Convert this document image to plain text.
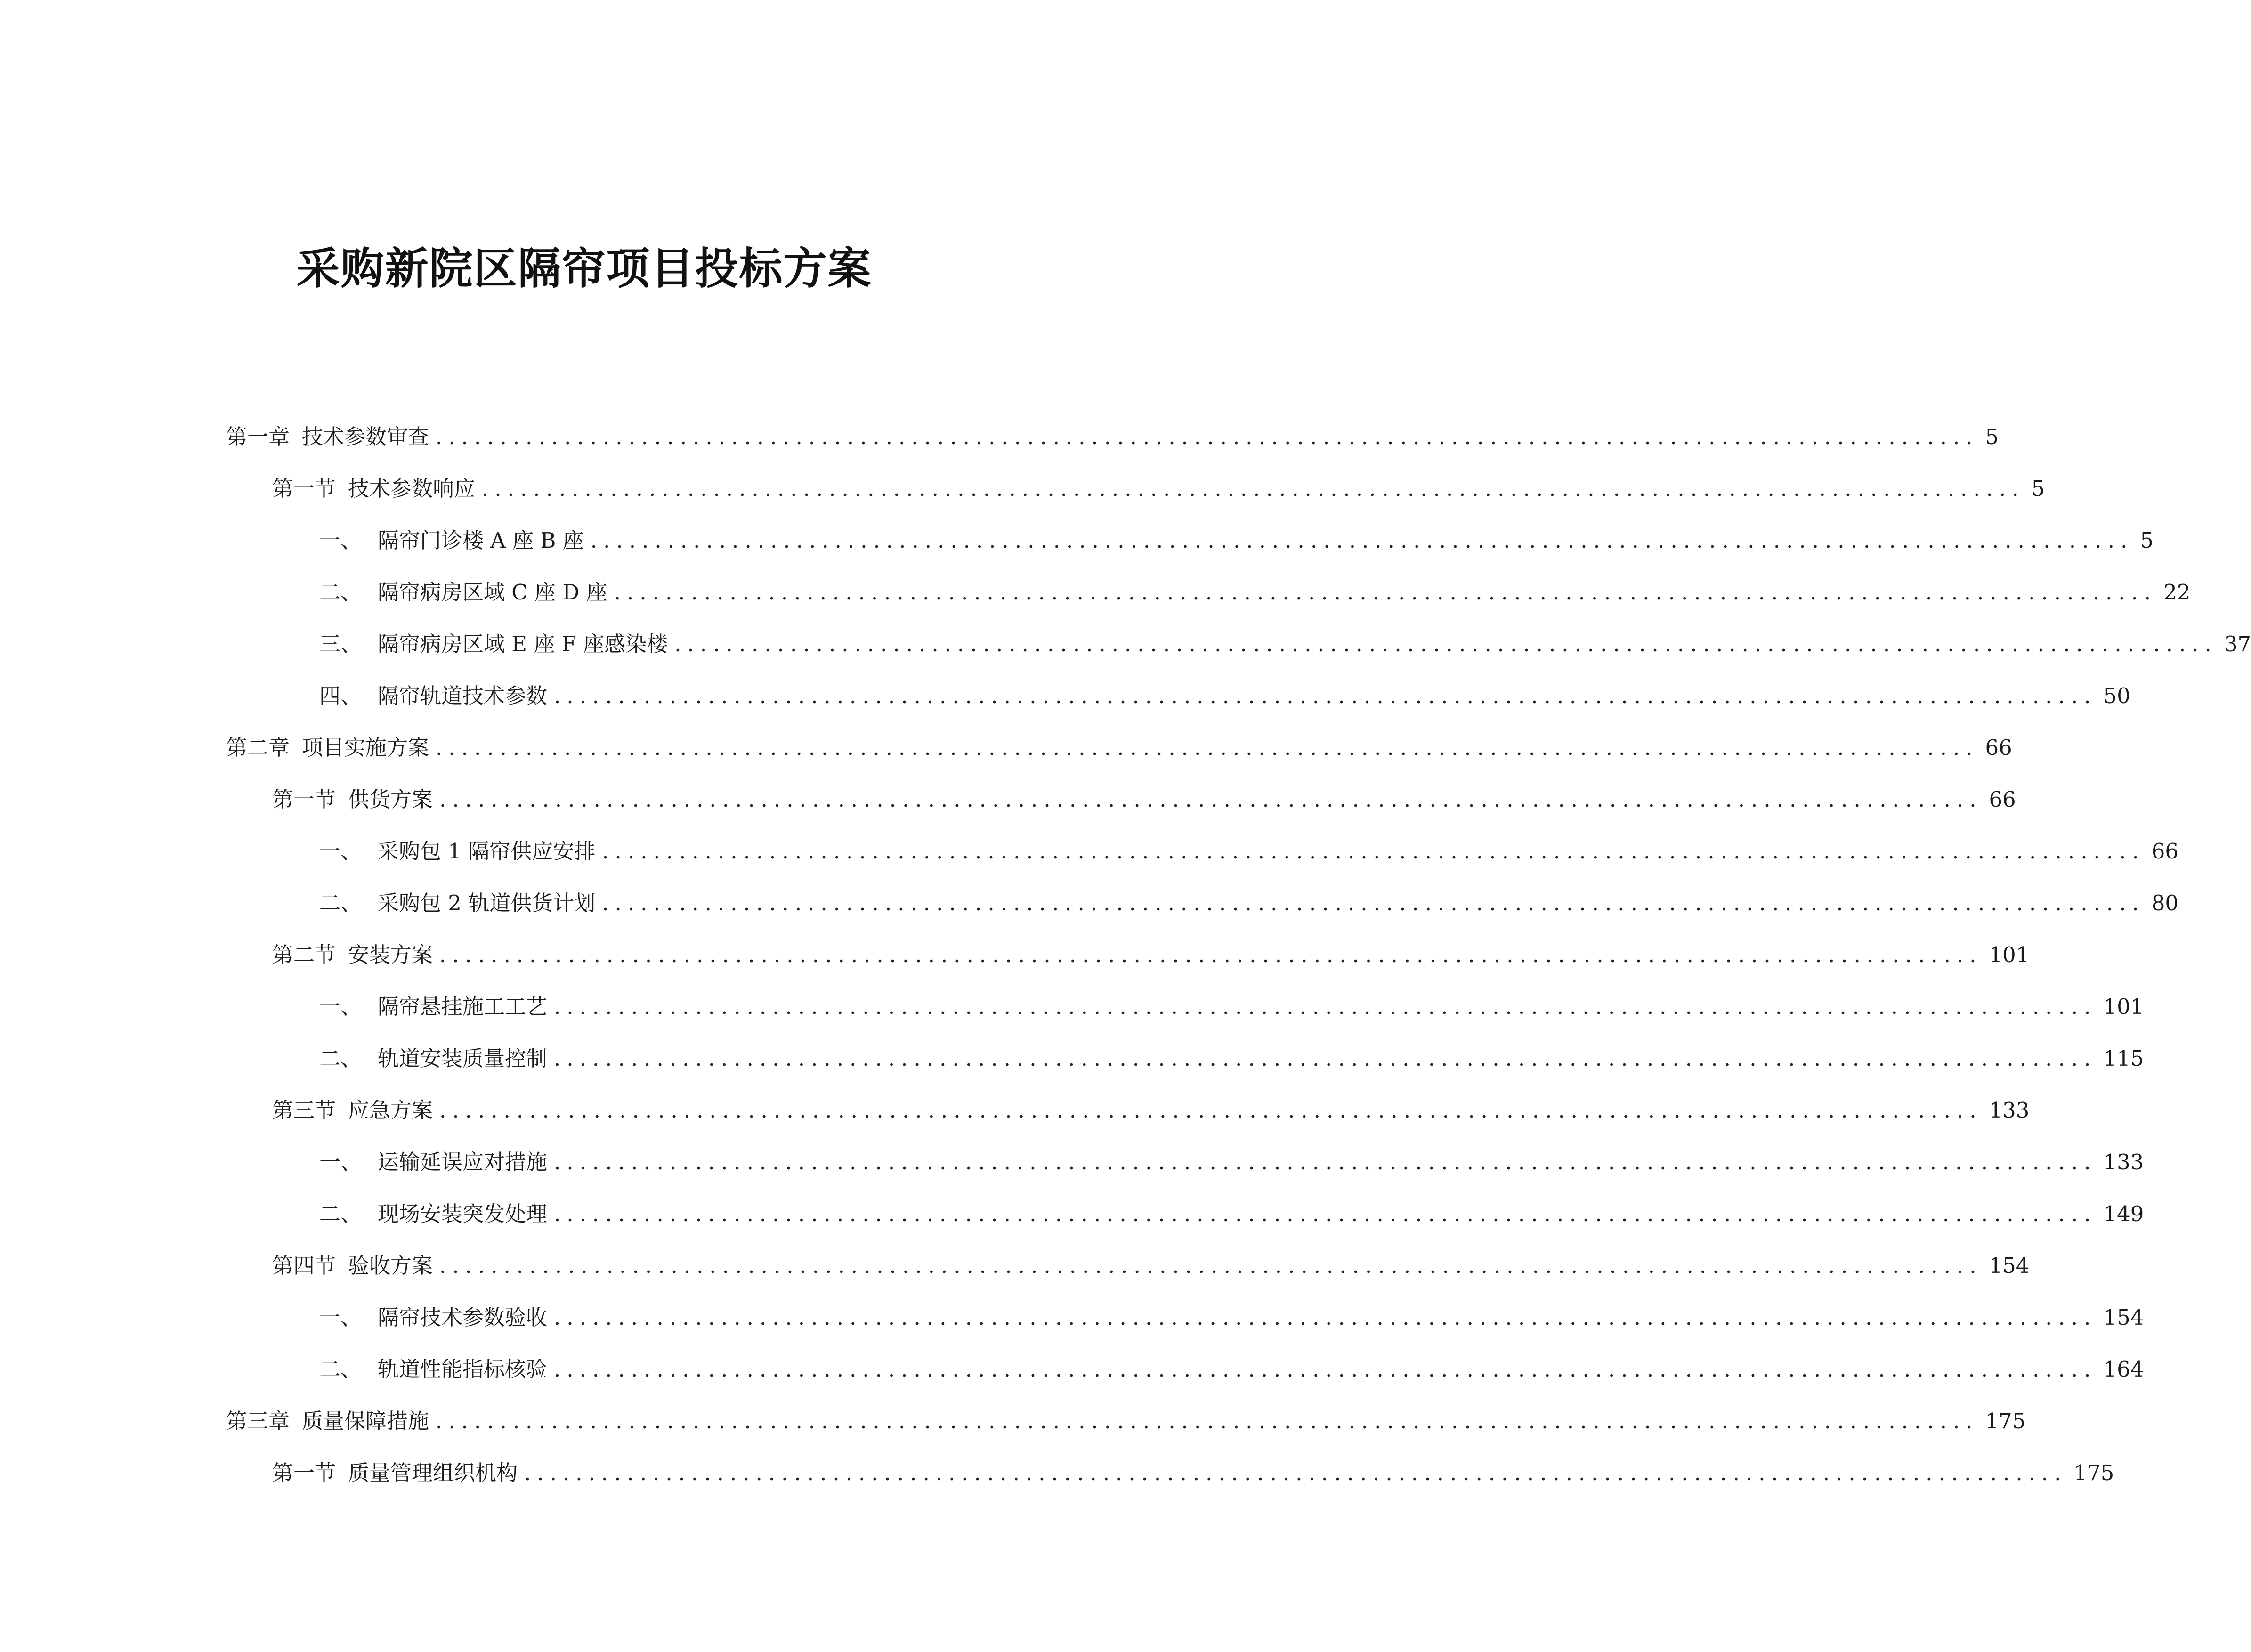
采购新院区隔帘项目投标方案
第一章 技术参数审查 ........................................................................................................................ 5
第一节 技术参数响应 ........................................................................................................................ 5
一、 隔帘门诊楼 A 座 B 座 ........................................................................................................................ 5
二、 隔帘病房区域 C 座 D 座 ........................................................................................................................ 22
三、 隔帘病房区域 E 座 F 座感染楼 ........................................................................................................................ 37
四、 隔帘轨道技术参数 ........................................................................................................................ 50
第二章 项目实施方案 ........................................................................................................................ 66
第一节 供货方案 ........................................................................................................................ 66
一、 采购包 1 隔帘供应安排 ........................................................................................................................ 66
二、 采购包 2 轨道供货计划 ........................................................................................................................ 80
第二节 安装方案 ........................................................................................................................ 101
一、 隔帘悬挂施工工艺 ........................................................................................................................ 101
二、 轨道安装质量控制 ........................................................................................................................ 115
第三节 应急方案 ........................................................................................................................ 133
一、 运输延误应对措施 ........................................................................................................................ 133
二、 现场安装突发处理 ........................................................................................................................ 149
第四节 验收方案 ........................................................................................................................ 154
一、 隔帘技术参数验收 ........................................................................................................................ 154
二、 轨道性能指标核验 ........................................................................................................................ 164
第三章 质量保障措施 ........................................................................................................................ 175
第一节 质量管理组织机构 ........................................................................................................................ 175
